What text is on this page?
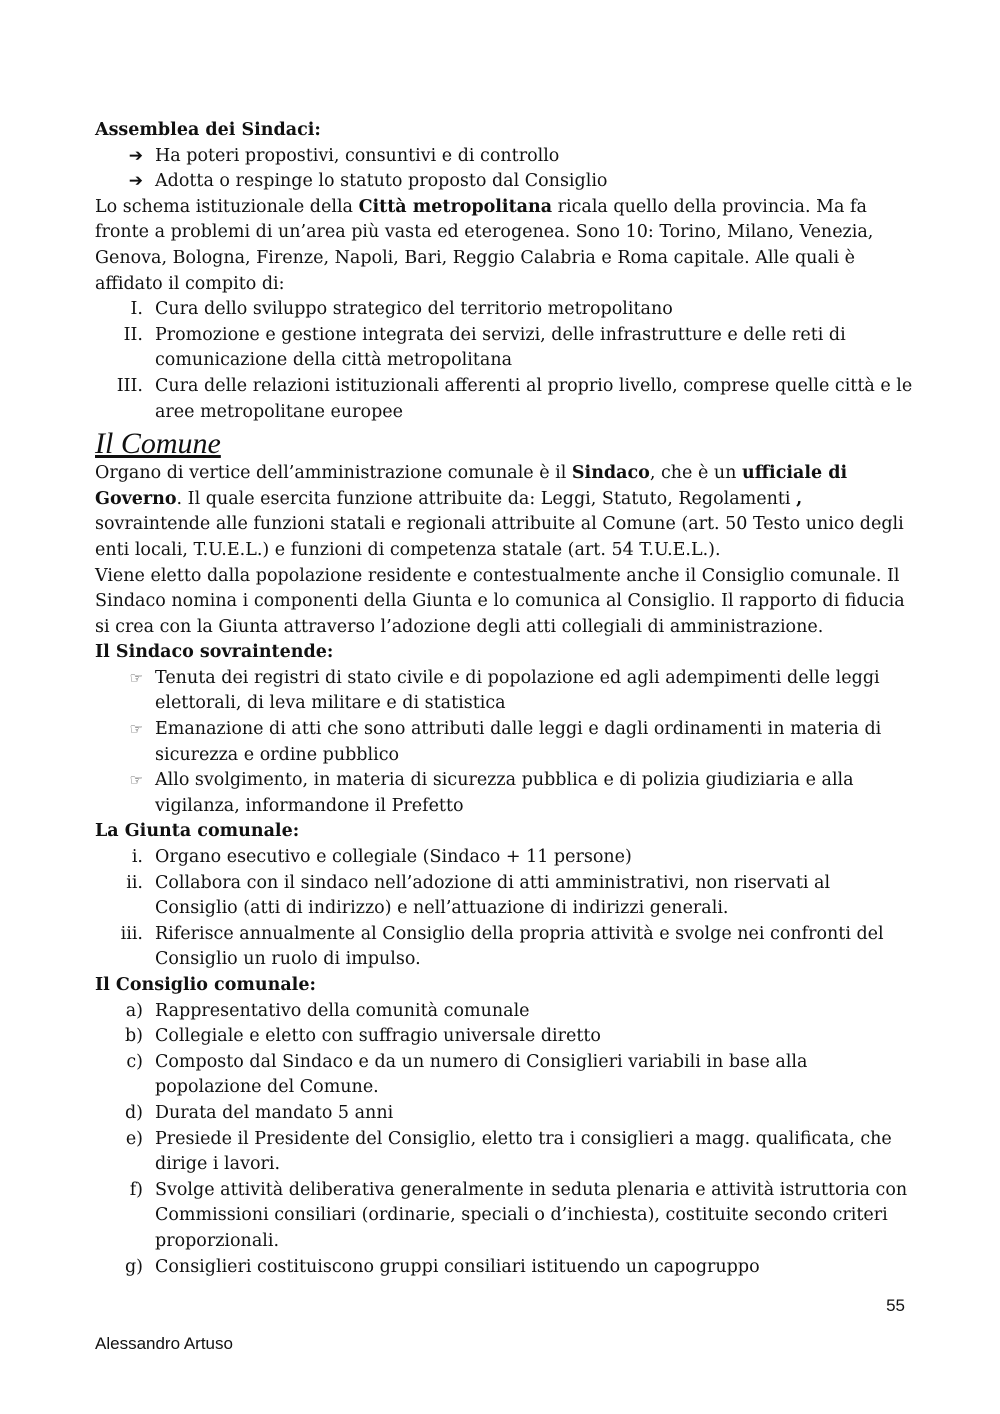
Assemblea dei Sindaci:

➔ Ha poteri propostivi, consuntivi e di controllo
➔ Adotta o respinge lo statuto proposto dal Consiglio

Lo schema istituzionale della Città metropolitana ricala quello della provincia. Ma fa fronte a problemi di un’area più vasta ed eterogenea. Sono 10: Torino, Milano, Venezia, Genova, Bologna, Firenze, Napoli, Bari, Reggio Calabria e Roma capitale. Alle quali è affidato il compito di:

I. Cura dello sviluppo strategico del territorio metropolitano
II. Promozione e gestione integrata dei servizi, delle infrastrutture e delle reti di comunicazione della città metropolitana
III. Cura delle relazioni istituzionali afferenti al proprio livello, comprese quelle città e le aree metropolitane europee
Il Comune

Organo di vertice dell’amministrazione comunale è il Sindaco, che è un ufficiale di Governo. Il quale esercita funzione attribuite da: Leggi, Statuto, Regolamenti , sovraintende alle funzioni statali e regionali attribuite al Comune (art. 50 Testo unico degli enti locali, T.U.E.L.) e funzioni di competenza statale (art. 54 T.U.E.L.).

Viene eletto dalla popolazione residente e contestualmente anche il Consiglio comunale. Il Sindaco nomina i componenti della Giunta e lo comunica al Consiglio. Il rapporto di fiducia si crea con la Giunta attraverso l’adozione degli atti collegiali di amministrazione.

Il Sindaco sovraintende:

☞ Tenuta dei registri di stato civile e di popolazione ed agli adempimenti delle leggi elettorali, di leva militare e di statistica
☞ Emanazione di atti che sono attributi dalle leggi e dagli ordinamenti in materia di sicurezza e ordine pubblico
☞ Allo svolgimento, in materia di sicurezza pubblica e di polizia giudiziaria e alla vigilanza, informandone il Prefetto

La Giunta comunale:

i. Organo esecutivo e collegiale (Sindaco + 11 persone)
ii. Collabora con il sindaco nell’adozione di atti amministrativi, non riservati al Consiglio (atti di indirizzo) e nell’attuazione di indirizzi generali.
iii. Riferisce annualmente al Consiglio della propria attività e svolge nei confronti del Consiglio un ruolo di impulso.

Il Consiglio comunale:

a) Rappresentativo della comunità comunale
b) Collegiale e eletto con suffragio universale diretto
c) Composto dal Sindaco e da un numero di Consiglieri variabili in base alla popolazione del Comune.
d) Durata del mandato 5 anni
e) Presiede il Presidente del Consiglio, eletto tra i consiglieri a magg. qualificata, che dirige i lavori.
f) Svolge attività deliberativa generalmente in seduta plenaria e attività istruttoria con Commissioni consiliari (ordinarie, speciali o d’inchiesta), costituite secondo criteri proporzionali.
g) Consiglieri costituiscono gruppi consiliari istituendo un capogruppo
55
Alessandro Artuso
